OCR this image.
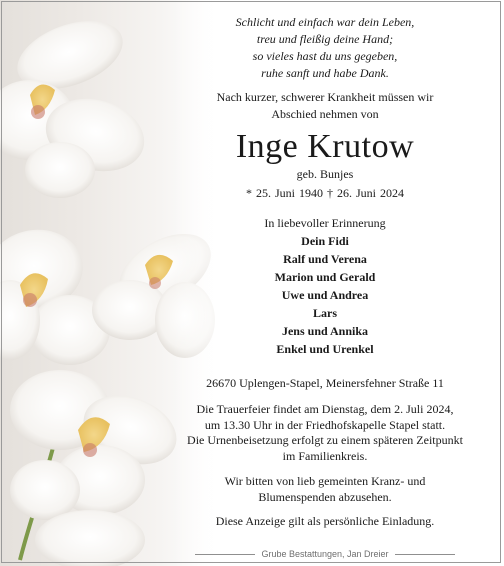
Schlicht und einfach war dein Leben,
treu und fleißig deine Hand;
so vieles hast du uns gegeben,
ruhe sanft und habe Dank.
Nach kurzer, schwerer Krankheit müssen wir
Abschied nehmen von
Inge Krutow
geb. Bunjes
* 25. Juni 1940 † 26. Juni 2024
In liebevoller Erinnerung
Dein Fidi
Ralf und Verena
Marion und Gerald
Uwe und Andrea
Lars
Jens und Annika
Enkel und Urenkel
26670 Uplengen-Stapel, Meinersfehner Straße 11
Die Trauerfeier findet am Dienstag, dem 2. Juli 2024,
um 13.30 Uhr in der Friedhofskapelle Stapel statt.
Die Urnenbeisetzung erfolgt zu einem späteren Zeitpunkt
im Familienkreis.
Wir bitten von lieb gemeinten Kranz- und
Blumenspenden abzusehen.
Diese Anzeige gilt als persönliche Einladung.
Grube Bestattungen, Jan Dreier
